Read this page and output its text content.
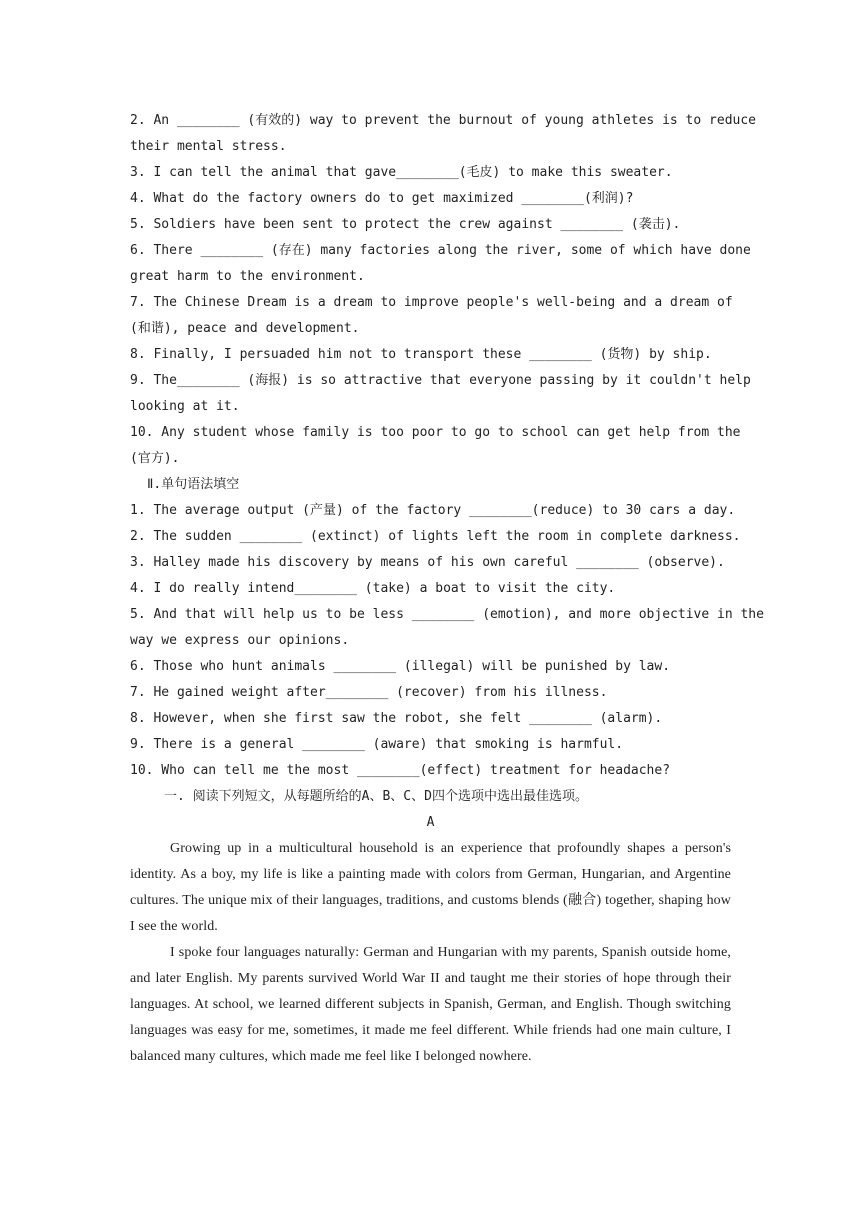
2. An ________ (有效的) way to prevent the burnout of young athletes is to reduce
their mental stress.
3. I can tell the animal that gave________(毛皮) to make this sweater.
4. What do the factory owners do to get maximized ________(利润)?
5. Soldiers have been sent to protect the crew against ________ (袭击).
6. There ________ (存在) many factories along the river, some of which have done
great harm to the environment.
7. The Chinese Dream is a dream to improve people's well-being and a dream of
(和谐), peace and development.
8. Finally, I persuaded him not to transport these ________ (货物) by ship.
9. The________ (海报) is so attractive that everyone passing by it couldn't help
looking at it.
10. Any student whose family is too poor to go to school can get help from the
(官方).
Ⅱ.单句语法填空
1. The average output (产量) of the factory ________(reduce) to 30 cars a day.
2. The sudden ________ (extinct) of lights left the room in complete darkness.
3. Halley made his discovery by means of his own careful ________ (observe).
4. I do really intend________ (take) a boat to visit the city.
5. And that will help us to be less ________ (emotion), and more objective in the
way we express our opinions.
6. Those who hunt animals ________ (illegal) will be punished by law.
7. He gained weight after________ (recover) from his illness.
8. However, when she first saw the robot, she felt ________ (alarm).
9. There is a general ________ (aware) that smoking is harmful.
10. Who can tell me the most ________(effect) treatment for headache?
一. 阅读下列短文，从每题所给的A、B、C、D四个选项中选出最佳选项。
A

Growing up in a multicultural household is an experience that profoundly shapes a person's identity. As a boy, my life is like a painting made with colors from German, Hungarian, and Argentine cultures. The unique mix of their languages, traditions, and customs blends (融合) together, shaping how I see the world.

I spoke four languages naturally: German and Hungarian with my parents, Spanish outside home, and later English. My parents survived World War II and taught me their stories of hope through their languages. At school, we learned different subjects in Spanish, German, and English. Though switching languages was easy for me, sometimes, it made me feel different. While friends had one main culture, I balanced many cultures, which made me feel like I belonged nowhere.
